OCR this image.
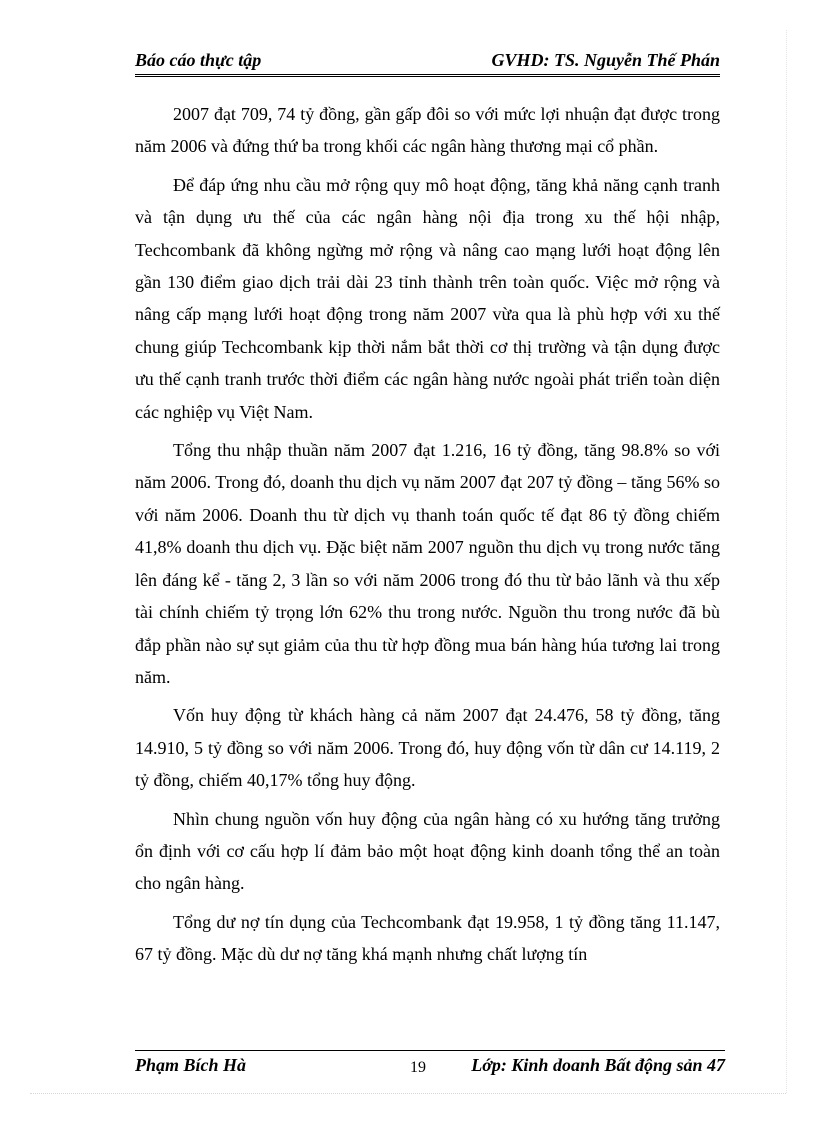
Báo cáo thực tập	GVHD: TS. Nguyễn Thế Phán

2007 đạt 709, 74 tỷ đồng, gần gấp đôi so với mức lợi nhuận đạt được trong năm 2006 và đứng thứ ba trong khối các ngân hàng thương mại cổ phần.

Để đáp ứng nhu cầu mở rộng quy mô hoạt động, tăng khả năng cạnh tranh và tận dụng ưu thế của các ngân hàng nội địa trong xu thế hội nhập, Techcombank đã không ngừng mở rộng và nâng cao mạng lưới hoạt động lên gần 130 điểm giao dịch trải dài 23 tỉnh thành trên toàn quốc. Việc mở rộng và nâng cấp mạng lưới hoạt động trong năm 2007 vừa qua là phù hợp với xu thế chung giúp Techcombank kịp thời nắm bắt thời cơ thị trường và tận dụng được ưu thế cạnh tranh trước thời điểm các ngân hàng nước ngoài phát triển toàn diện các nghiệp vụ Việt Nam.

Tổng thu nhập thuần năm 2007 đạt 1.216, 16 tỷ đồng, tăng 98.8% so với năm 2006. Trong đó, doanh thu dịch vụ năm 2007 đạt 207 tỷ đồng – tăng 56% so với năm 2006. Doanh thu từ dịch vụ thanh toán quốc tế đạt 86 tỷ đồng chiếm 41,8% doanh thu dịch vụ. Đặc biệt năm 2007 nguồn thu dịch vụ trong nước tăng lên đáng kể - tăng 2, 3 lần so với năm 2006 trong đó thu từ bảo lãnh và thu xếp tài chính chiếm tỷ trọng lớn 62% thu trong nước. Nguồn thu trong nước đã bù đắp phần nào sự sụt giảm của thu từ hợp đồng mua bán hàng húa tương lai trong năm.

Vốn huy động từ khách hàng cả năm 2007 đạt 24.476, 58 tỷ đồng, tăng 14.910, 5 tỷ đồng so với năm 2006. Trong đó, huy động vốn từ dân cư 14.119, 2 tỷ đồng, chiếm 40,17% tổng huy động.

Nhìn chung nguồn vốn huy động của ngân hàng có xu hướng tăng trưởng ổn định với cơ cấu hợp lí đảm bảo một hoạt động kinh doanh tổng thể an toàn cho ngân hàng.

Tổng dư nợ tín dụng của Techcombank đạt 19.958, 1 tỷ đồng tăng 11.147, 67 tỷ đồng. Mặc dù dư nợ tăng khá mạnh nhưng chất lượng tín

Phạm Bích Hà	19	Lớp: Kinh doanh Bất động sản 47
